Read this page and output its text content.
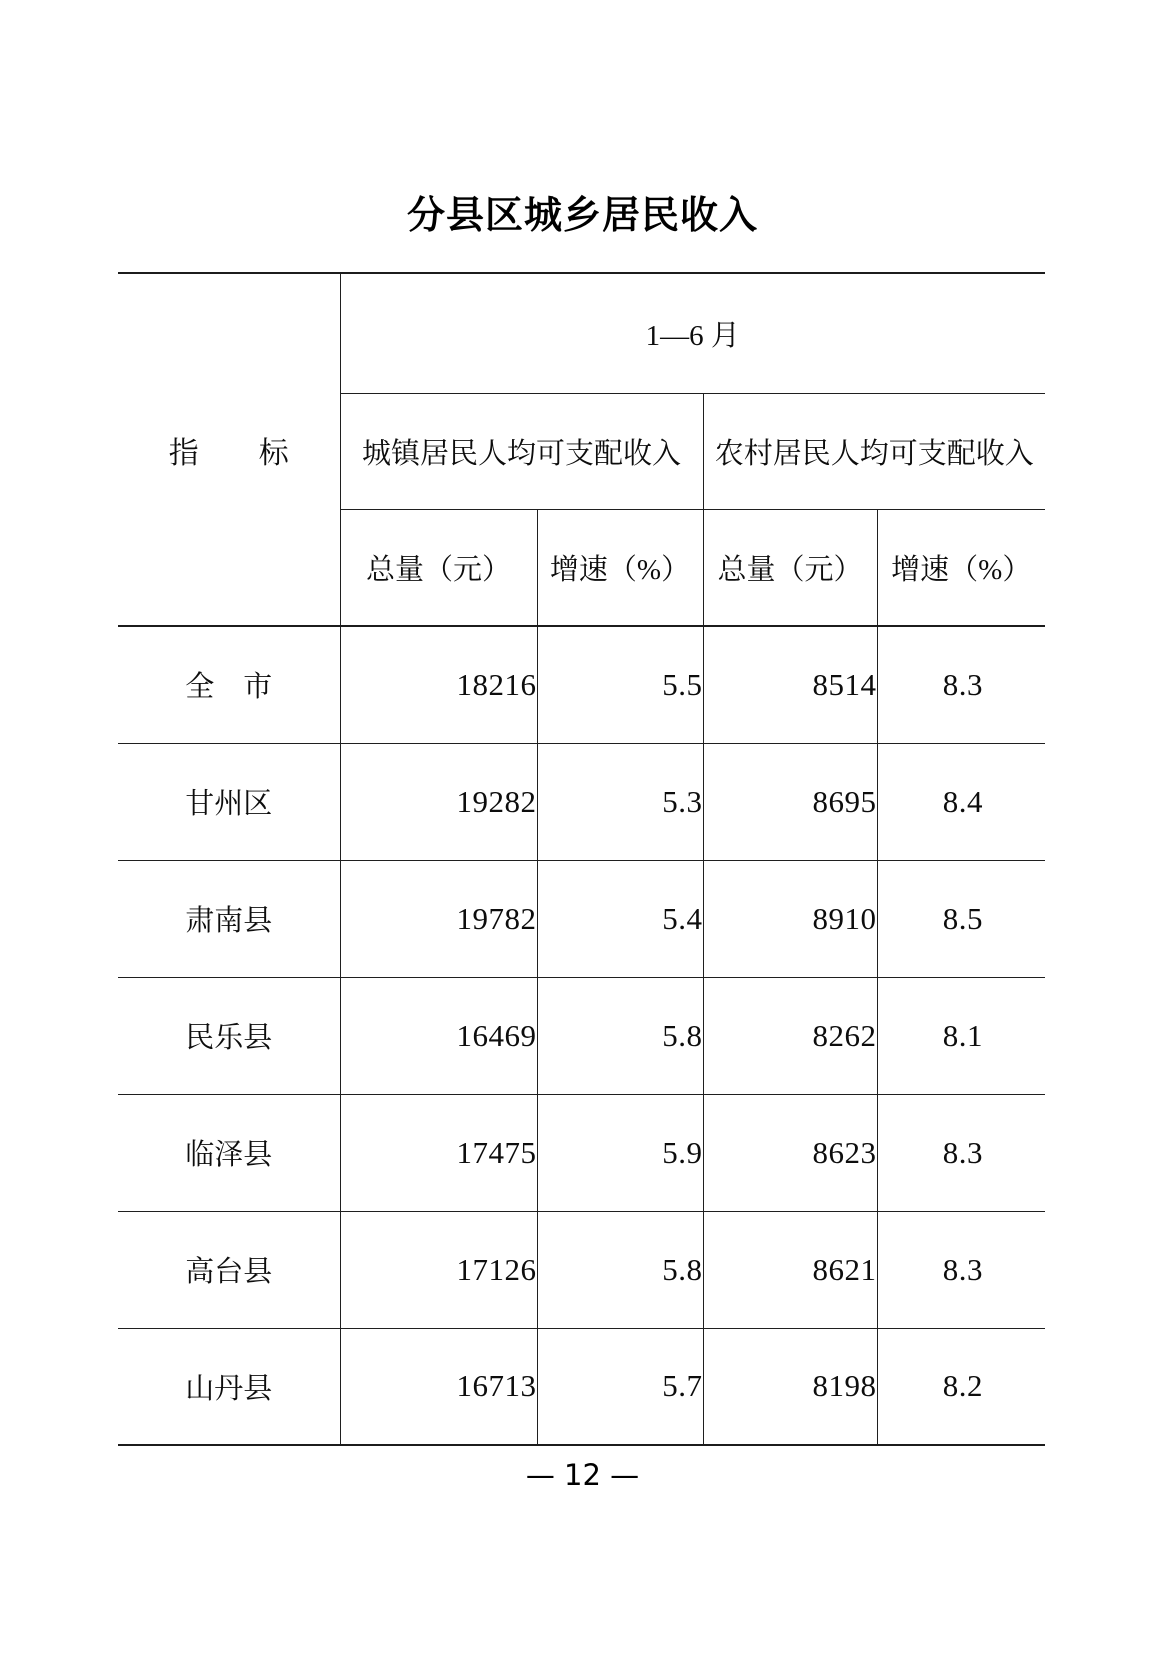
分县区城乡居民收入
指　　标	1—6 月			
	城镇居民人均可支配收入		农村居民人均可支配收入	
	总量（元）	增速（%）	总量（元）	增速（%）
全　市	18216	5.5	8514	8.3
甘州区	19282	5.3	8695	8.4
肃南县	19782	5.4	8910	8.5
民乐县	16469	5.8	8262	8.1
临泽县	17475	5.9	8623	8.3
高台县	17126	5.8	8621	8.3
山丹县	16713	5.7	8198	8.2
— 12 —
